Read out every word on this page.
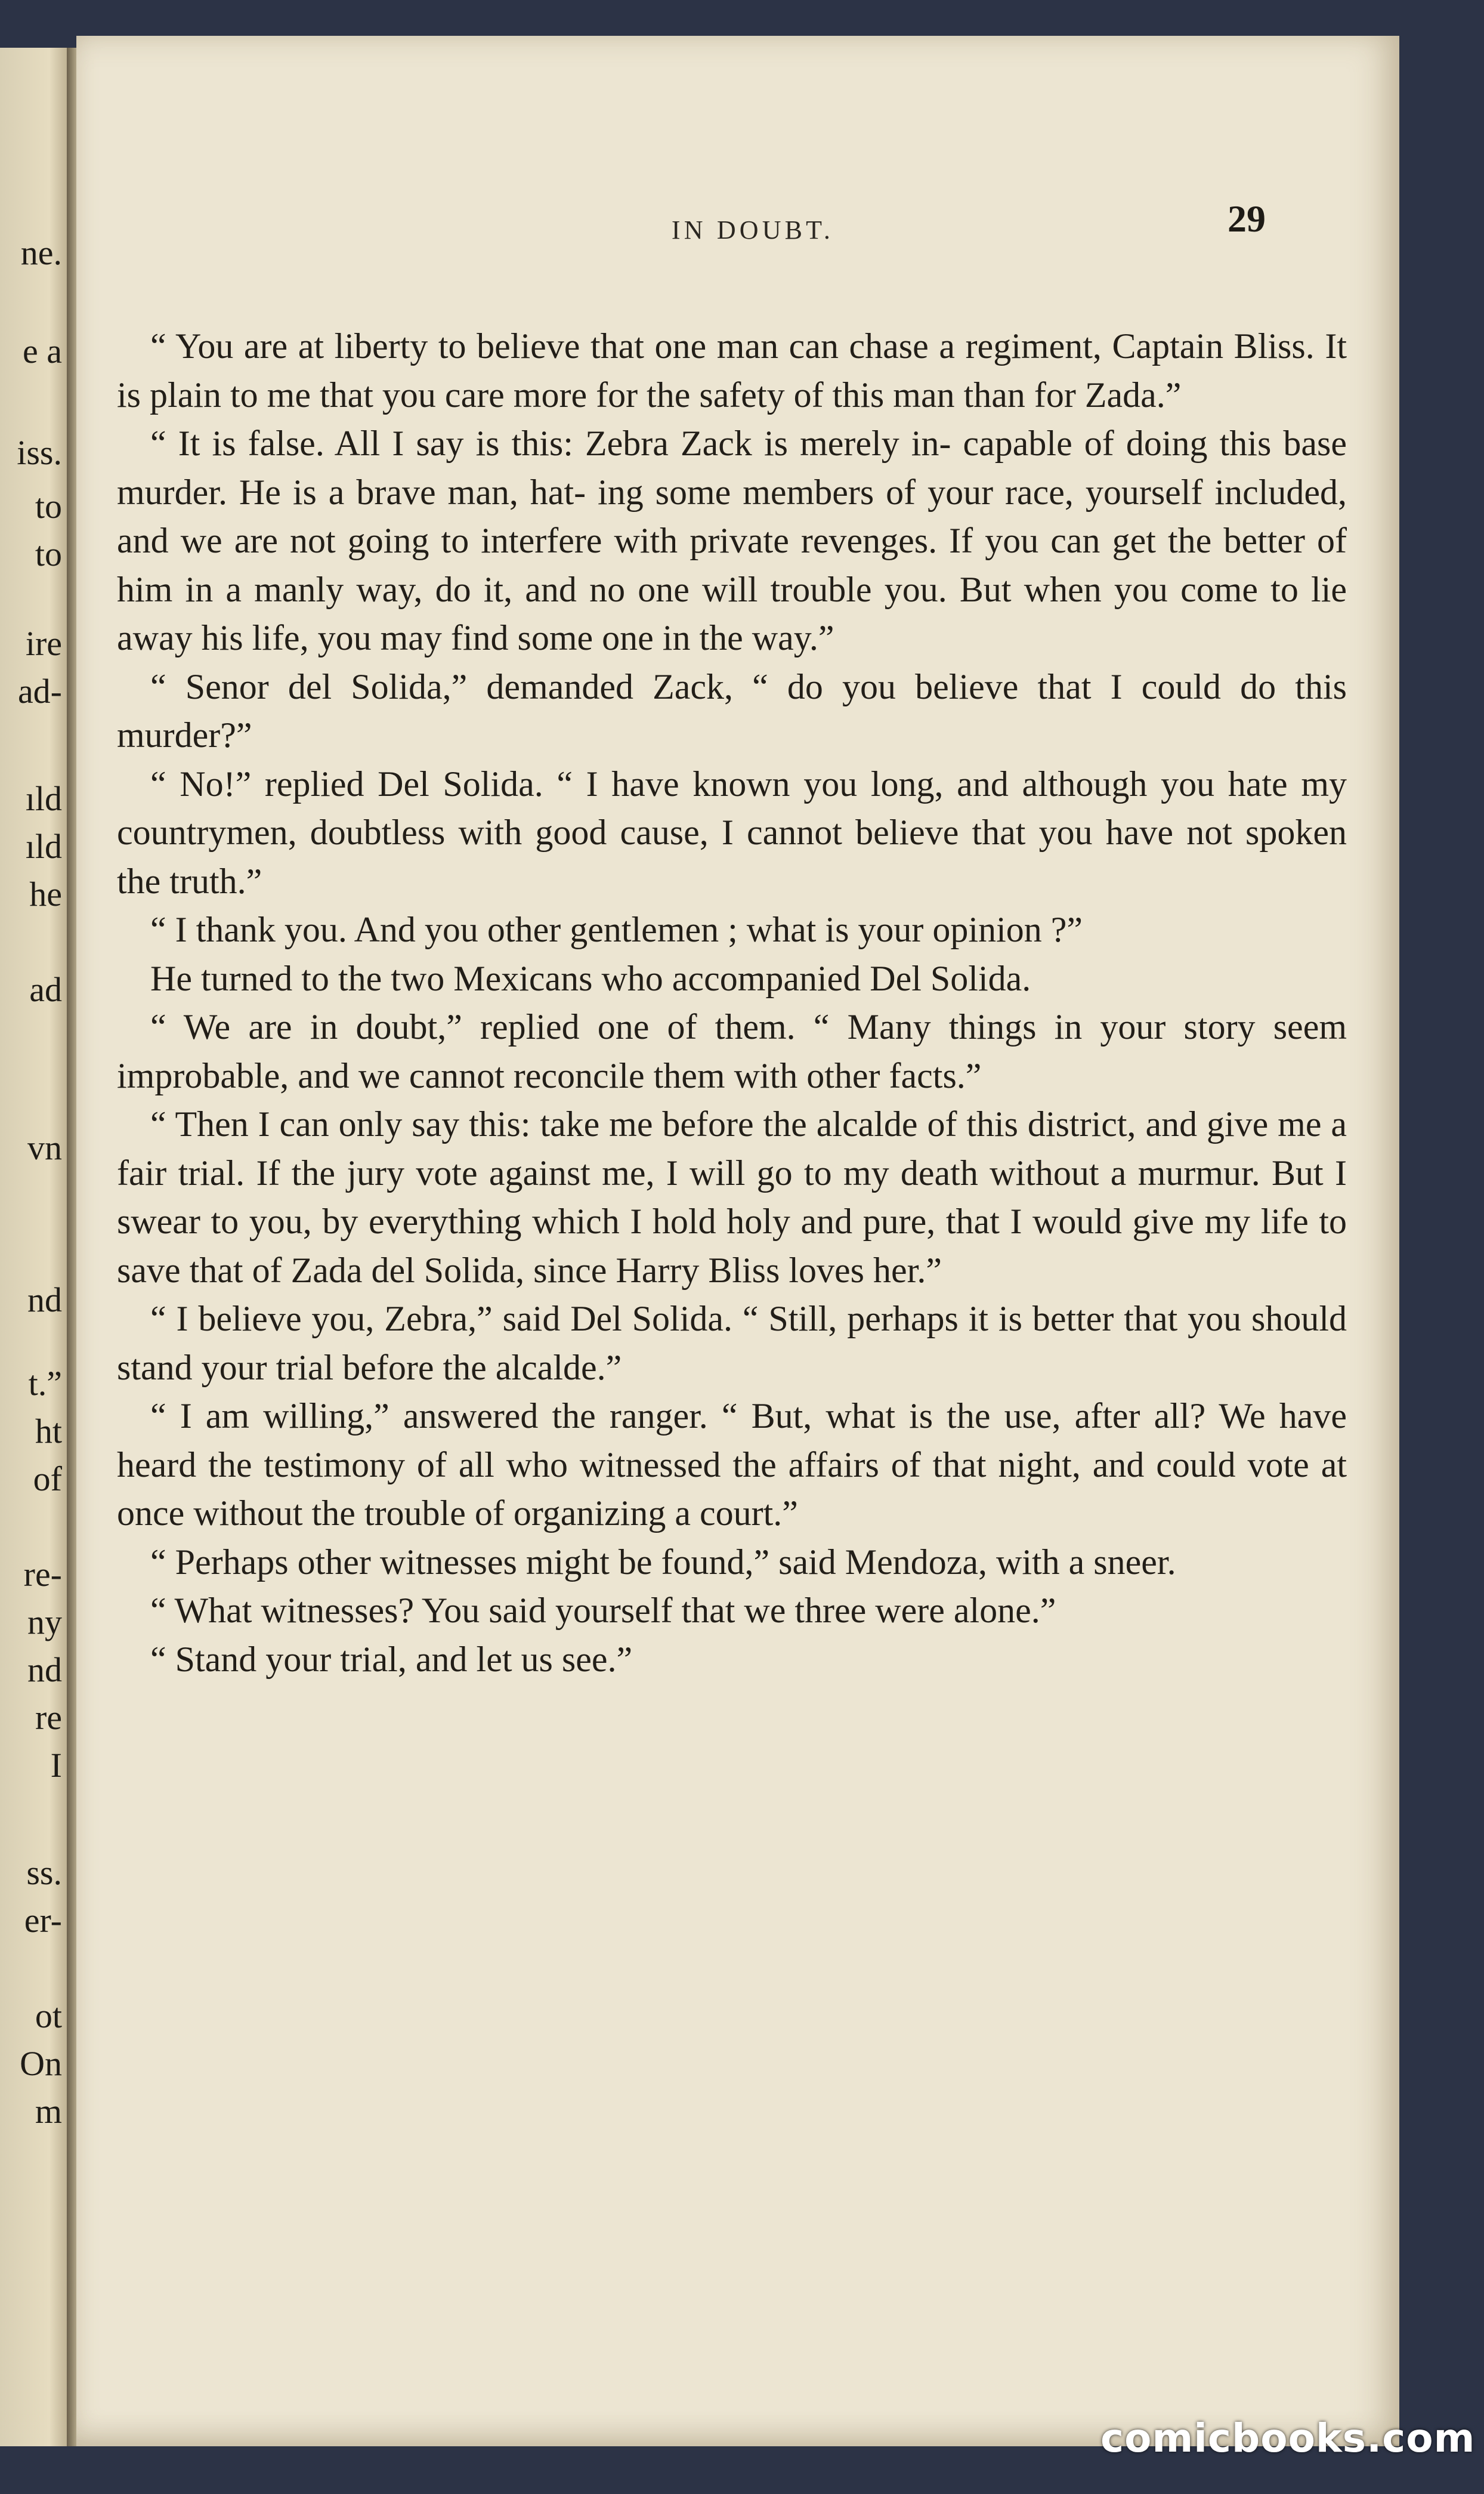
ne.
e a
iss.
to
to
ire
ad-
ıld
ıld
he
ad
vn
nd
t.”
ht
of
re-
ny
nd
re
I
ss.
er-
ot
On
m
IN DOUBT.	29

“ You are at liberty to believe that one man can chase a regiment, Captain Bliss. It is plain to me that you care more for the safety of this man than for Zada.”

“ It is false. All I say is this: Zebra Zack is merely in- capable of doing this base murder. He is a brave man, hat- ing some members of your race, yourself included, and we are not going to interfere with private revenges. If you can get the better of him in a manly way, do it, and no one will trouble you. But when you come to lie away his life, you may find some one in the way.”

“ Senor del Solida,” demanded Zack, “ do you believe that I could do this murder?”

“ No!” replied Del Solida. “ I have known you long, and although you hate my countrymen, doubtless with good cause, I cannot believe that you have not spoken the truth.”

“ I thank you. And you other gentlemen ; what is your opinion ?”

He turned to the two Mexicans who accompanied Del Solida.

“ We are in doubt,” replied one of them. “ Many things in your story seem improbable, and we cannot reconcile them with other facts.”

“ Then I can only say this: take me before the alcalde of this district, and give me a fair trial. If the jury vote against me, I will go to my death without a murmur. But I swear to you, by everything which I hold holy and pure, that I would give my life to save that of Zada del Solida, since Harry Bliss loves her.”

“ I believe you, Zebra,” said Del Solida. “ Still, perhaps it is better that you should stand your trial before the alcalde.”

“ I am willing,” answered the ranger. “ But, what is the use, after all? We have heard the testimony of all who witnessed the affairs of that night, and could vote at once without the trouble of organizing a court.”

“ Perhaps other witnesses might be found,” said Mendoza, with a sneer.

“ What witnesses? You said yourself that we three were alone.”

“ Stand your trial, and let us see.”

comicbooks.com
